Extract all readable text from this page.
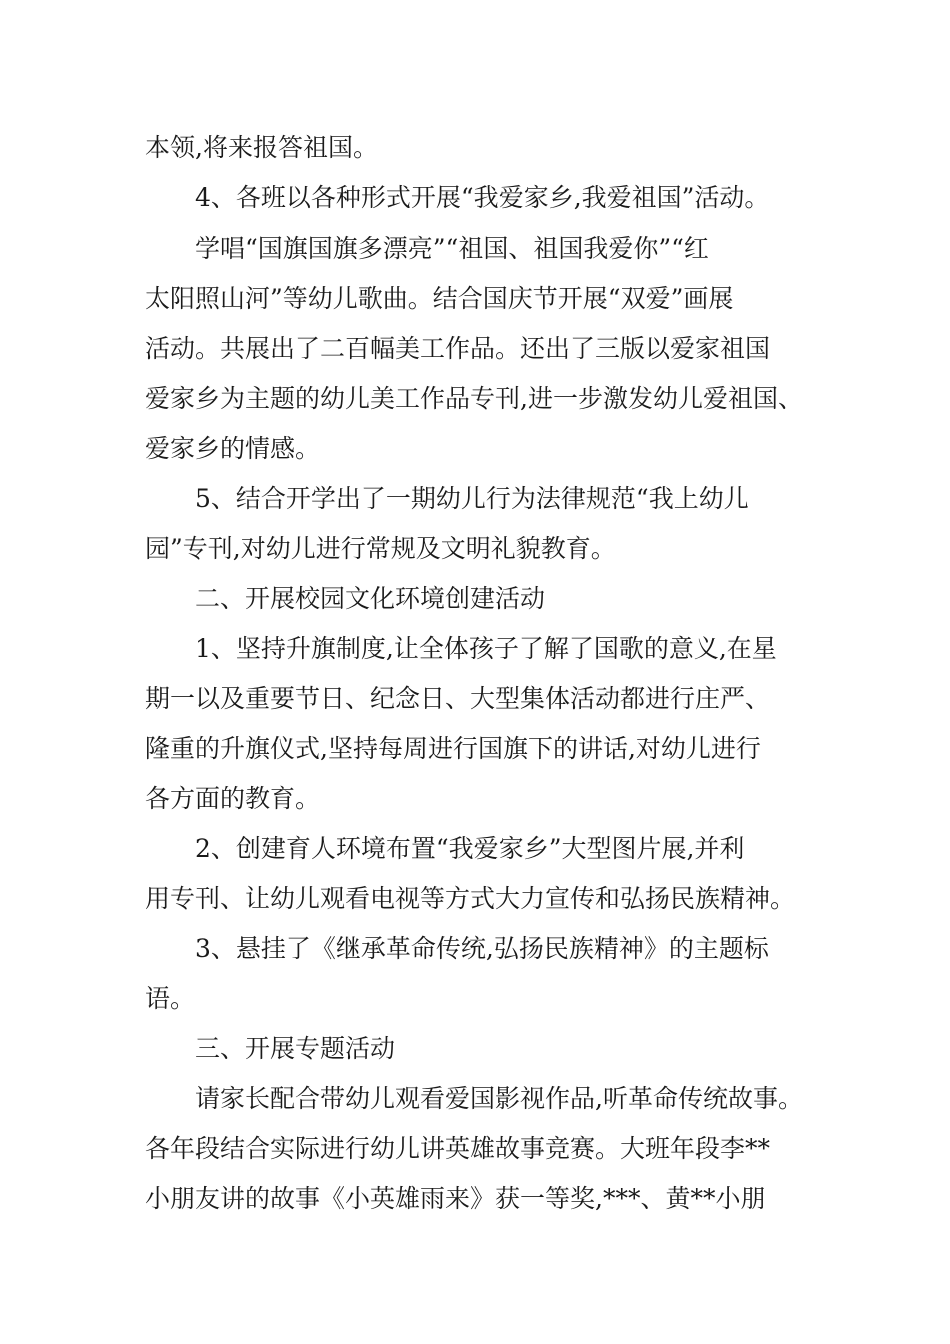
本领,将来报答祖国。
4、各班以各种形式开展“我爱家乡,我爱祖国”活动。
学唱“国旗国旗多漂亮”“祖国、祖国我爱你”“红
太阳照山河”等幼儿歌曲。结合国庆节开展“双爱”画展
活动。共展出了二百幅美工作品。还出了三版以爱家祖国
爱家乡为主题的幼儿美工作品专刊,进一步激发幼儿爱祖国、
爱家乡的情感。
5、结合开学出了一期幼儿行为法律规范“我上幼儿
园”专刊,对幼儿进行常规及文明礼貌教育。
二、开展校园文化环境创建活动
1、坚持升旗制度,让全体孩子了解了国歌的意义,在星
期一以及重要节日、纪念日、大型集体活动都进行庄严、
隆重的升旗仪式,坚持每周进行国旗下的讲话,对幼儿进行
各方面的教育。
2、创建育人环境布置“我爱家乡”大型图片展,并利
用专刊、让幼儿观看电视等方式大力宣传和弘扬民族精神。
3、悬挂了《继承革命传统,弘扬民族精神》的主题标
语。
三、开展专题活动
请家长配合带幼儿观看爱国影视作品,听革命传统故事。
各年段结合实际进行幼儿讲英雄故事竞赛。大班年段李**
小朋友讲的故事《小英雄雨来》获一等奖,***、黄**小朋
